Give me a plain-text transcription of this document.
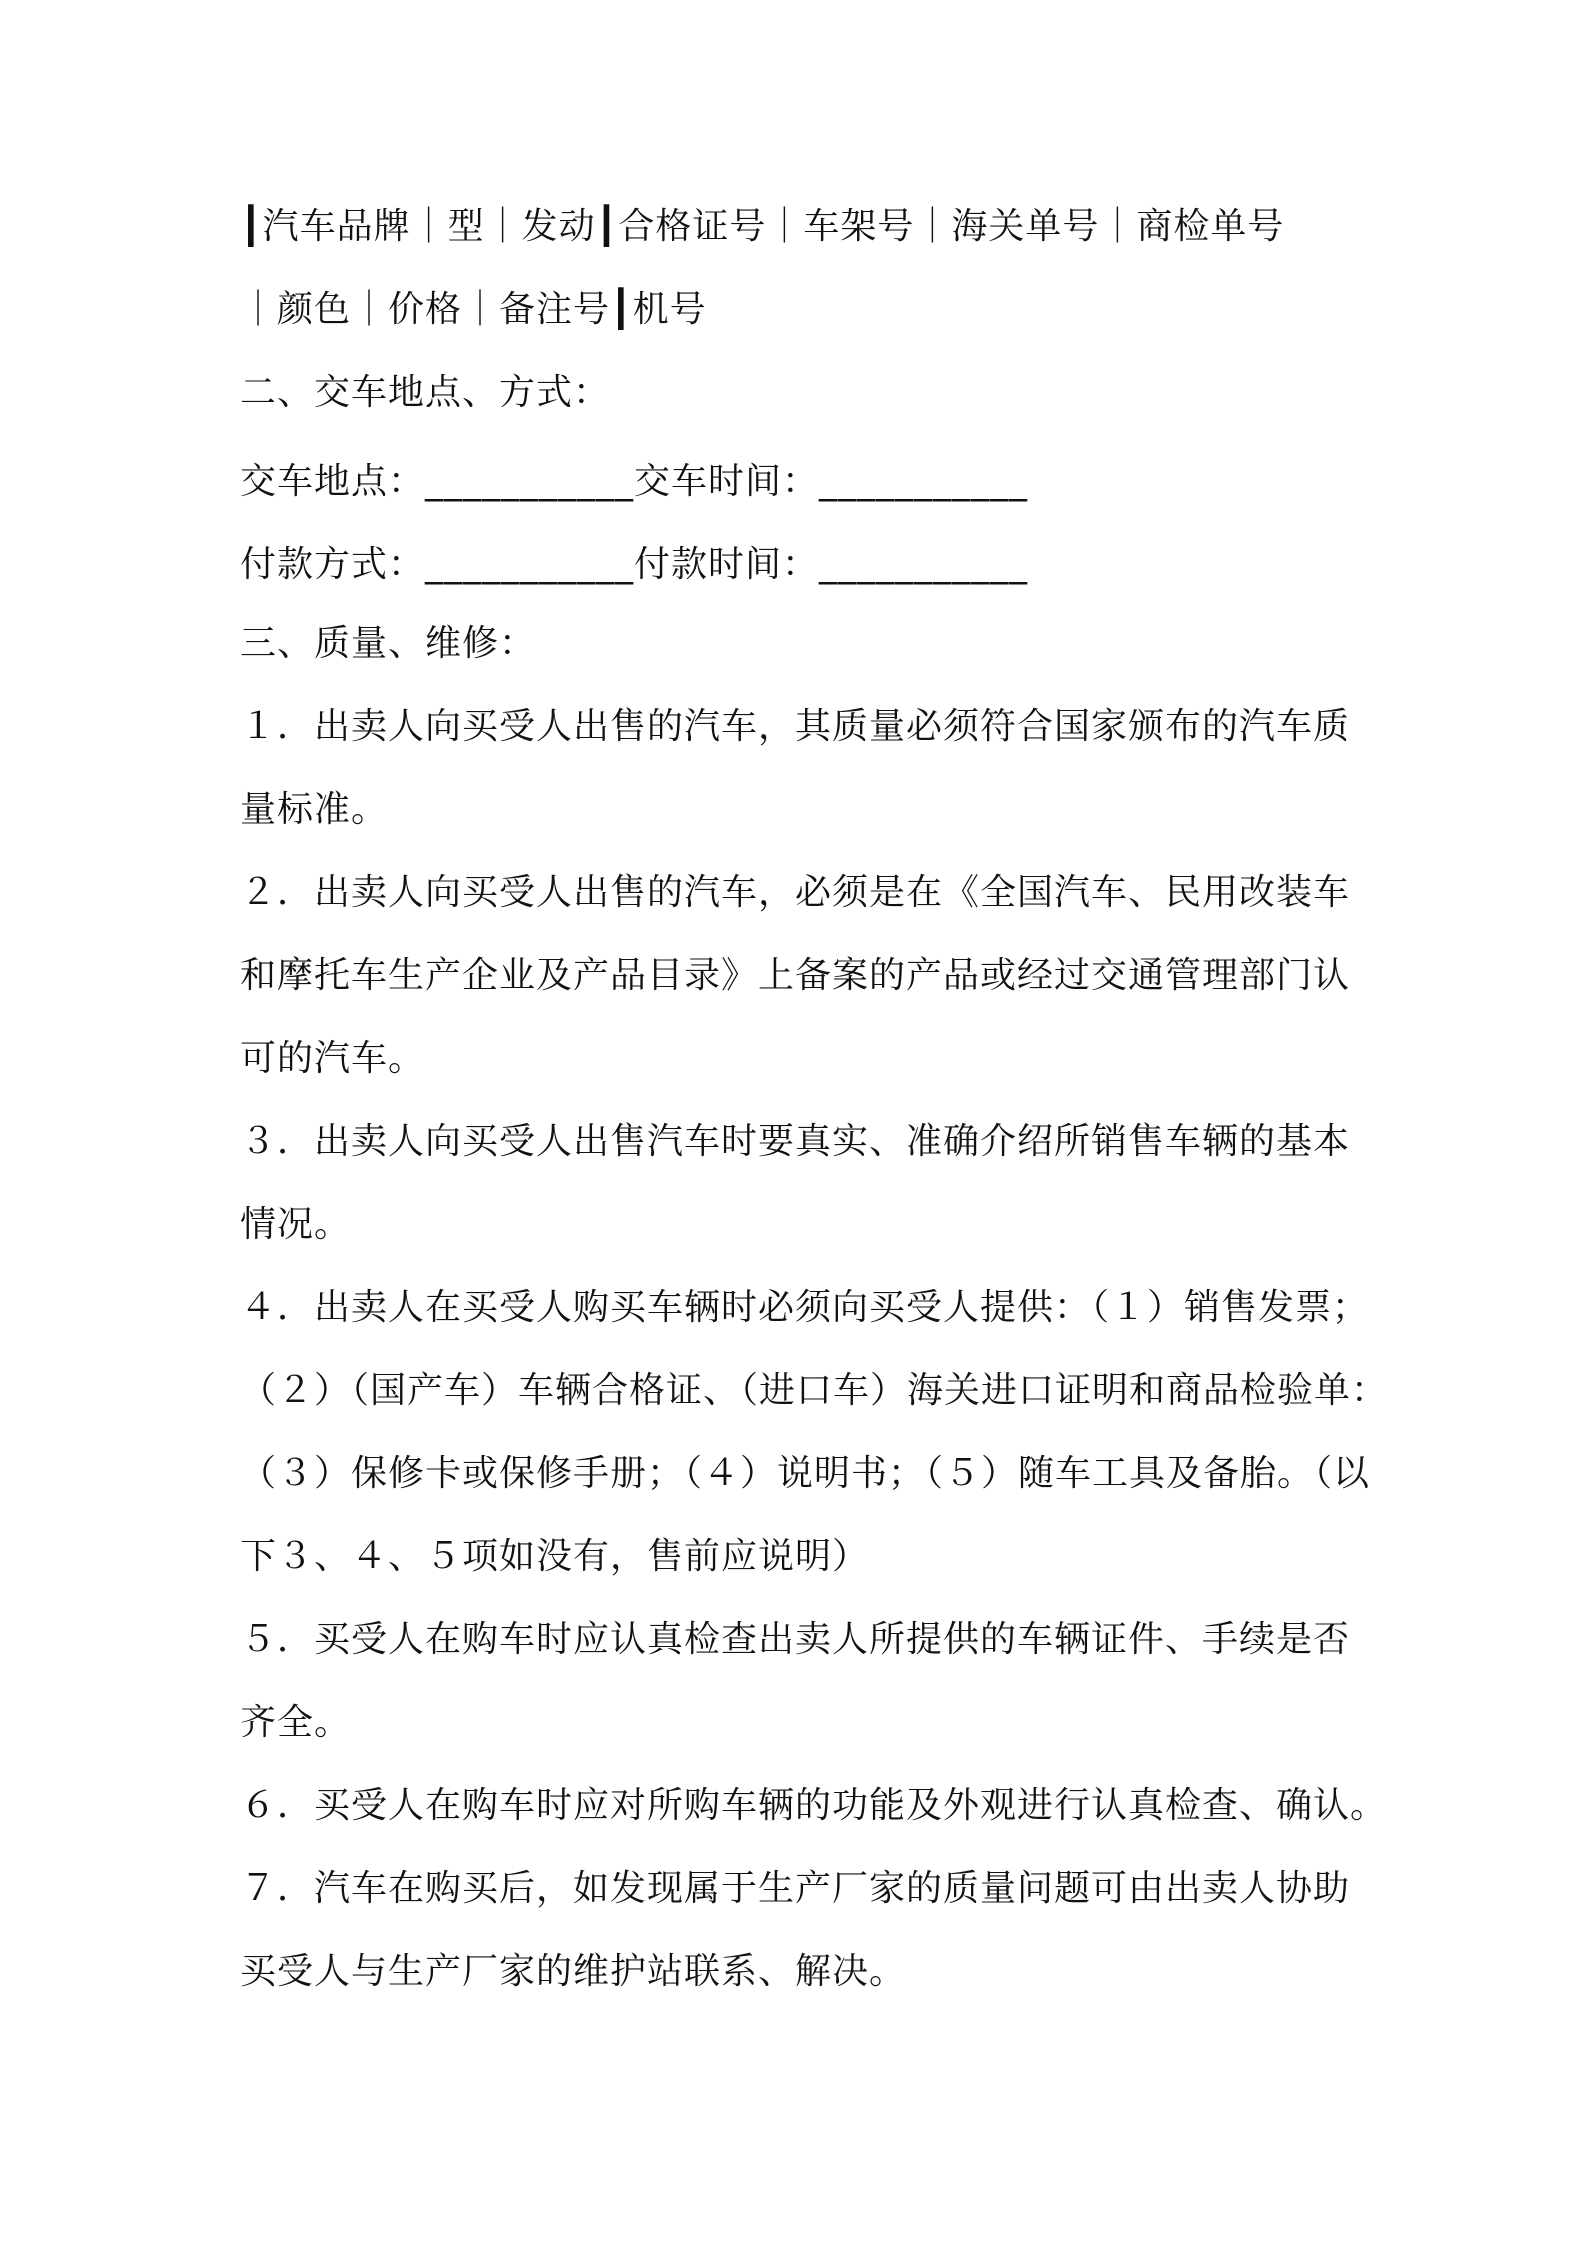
┃汽车品牌｜型｜发动┃合格证号｜车架号｜海关单号｜商检单号
｜颜色｜价格｜备注号┃机号
二、交车地点、方式：
交车地点：___________交车时间：___________
付款方式：___________付款时间：___________
三、质量、维修：
１．出卖人向买受人出售的汽车，其质量必须符合国家颁布的汽车质
量标准。
２．出卖人向买受人出售的汽车，必须是在《全国汽车、民用改装车
和摩托车生产企业及产品目录》上备案的产品或经过交通管理部门认
可的汽车。
３．出卖人向买受人出售汽车时要真实、准确介绍所销售车辆的基本
情况。
４．出卖人在买受人购买车辆时必须向买受人提供：（１）销售发票；
（２）（国产车）车辆合格证、（进口车）海关进口证明和商品检验单：
（３）保修卡或保修手册；（４）说明书；（５）随车工具及备胎。（以
下３、４、５项如没有，售前应说明）
５．买受人在购车时应认真检查出卖人所提供的车辆证件、手续是否
齐全。
６．买受人在购车时应对所购车辆的功能及外观进行认真检查、确认。
７．汽车在购买后，如发现属于生产厂家的质量问题可由出卖人协助
买受人与生产厂家的维护站联系、解决。
